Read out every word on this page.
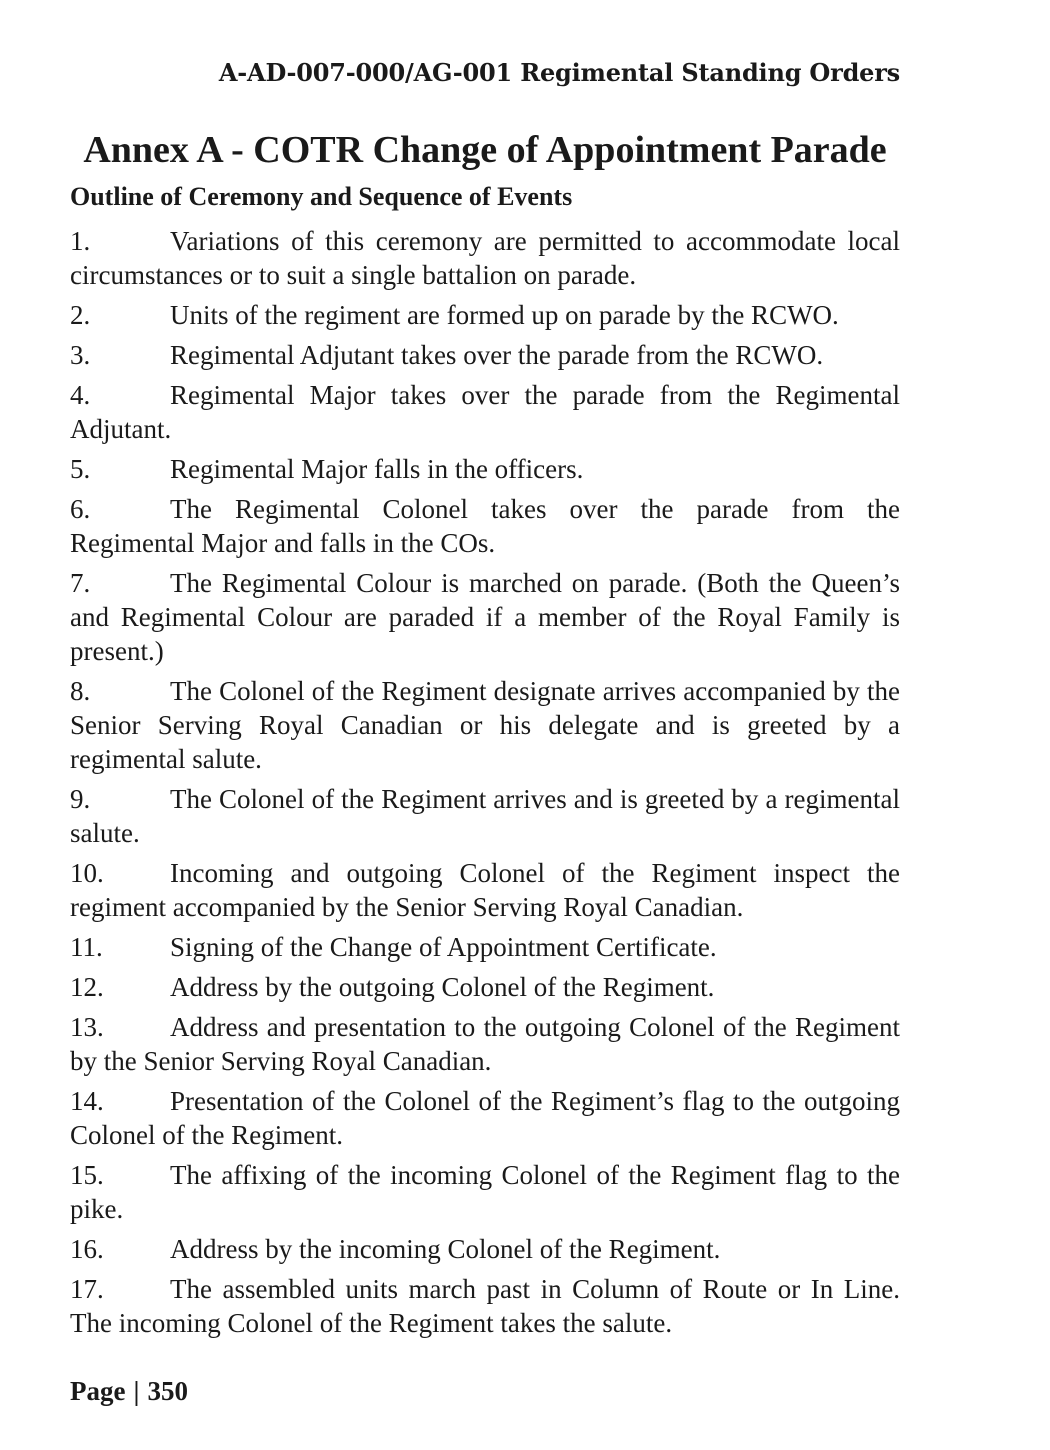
A-AD-007-000/AG-001 Regimental Standing Orders
Annex A - COTR Change of Appointment Parade
Outline of Ceremony and Sequence of Events
1.	Variations of this ceremony are permitted to accommodate local circumstances or to suit a single battalion on parade.
2.	Units of the regiment are formed up on parade by the RCWO.
3.	Regimental Adjutant takes over the parade from the RCWO.
4.	Regimental Major takes over the parade from the Regimental Adjutant.
5.	Regimental Major falls in the officers.
6.	The Regimental Colonel takes over the parade from the Regimental Major and falls in the COs.
7.	The Regimental Colour is marched on parade. (Both the Queen’s and Regimental Colour are paraded if a member of the Royal Family is present.)
8.	The Colonel of the Regiment designate arrives accompanied by the Senior Serving Royal Canadian or his delegate and is greeted by a regimental salute.
9.	The Colonel of the Regiment arrives and is greeted by a regimental salute.
10. Incoming and outgoing Colonel of the Regiment inspect the regiment accompanied by the Senior Serving Royal Canadian.
11. Signing of the Change of Appointment Certificate.
12. Address by the outgoing Colonel of the Regiment.
13. Address and presentation to the outgoing Colonel of the Regiment by the Senior Serving Royal Canadian.
14. Presentation of the Colonel of the Regiment’s flag to the outgoing Colonel of the Regiment.
15. The affixing of the incoming Colonel of the Regiment flag to the pike.
16. Address by the incoming Colonel of the Regiment.
17. The assembled units march past in Column of Route or In Line. The incoming Colonel of the Regiment takes the salute.
Page | 350
